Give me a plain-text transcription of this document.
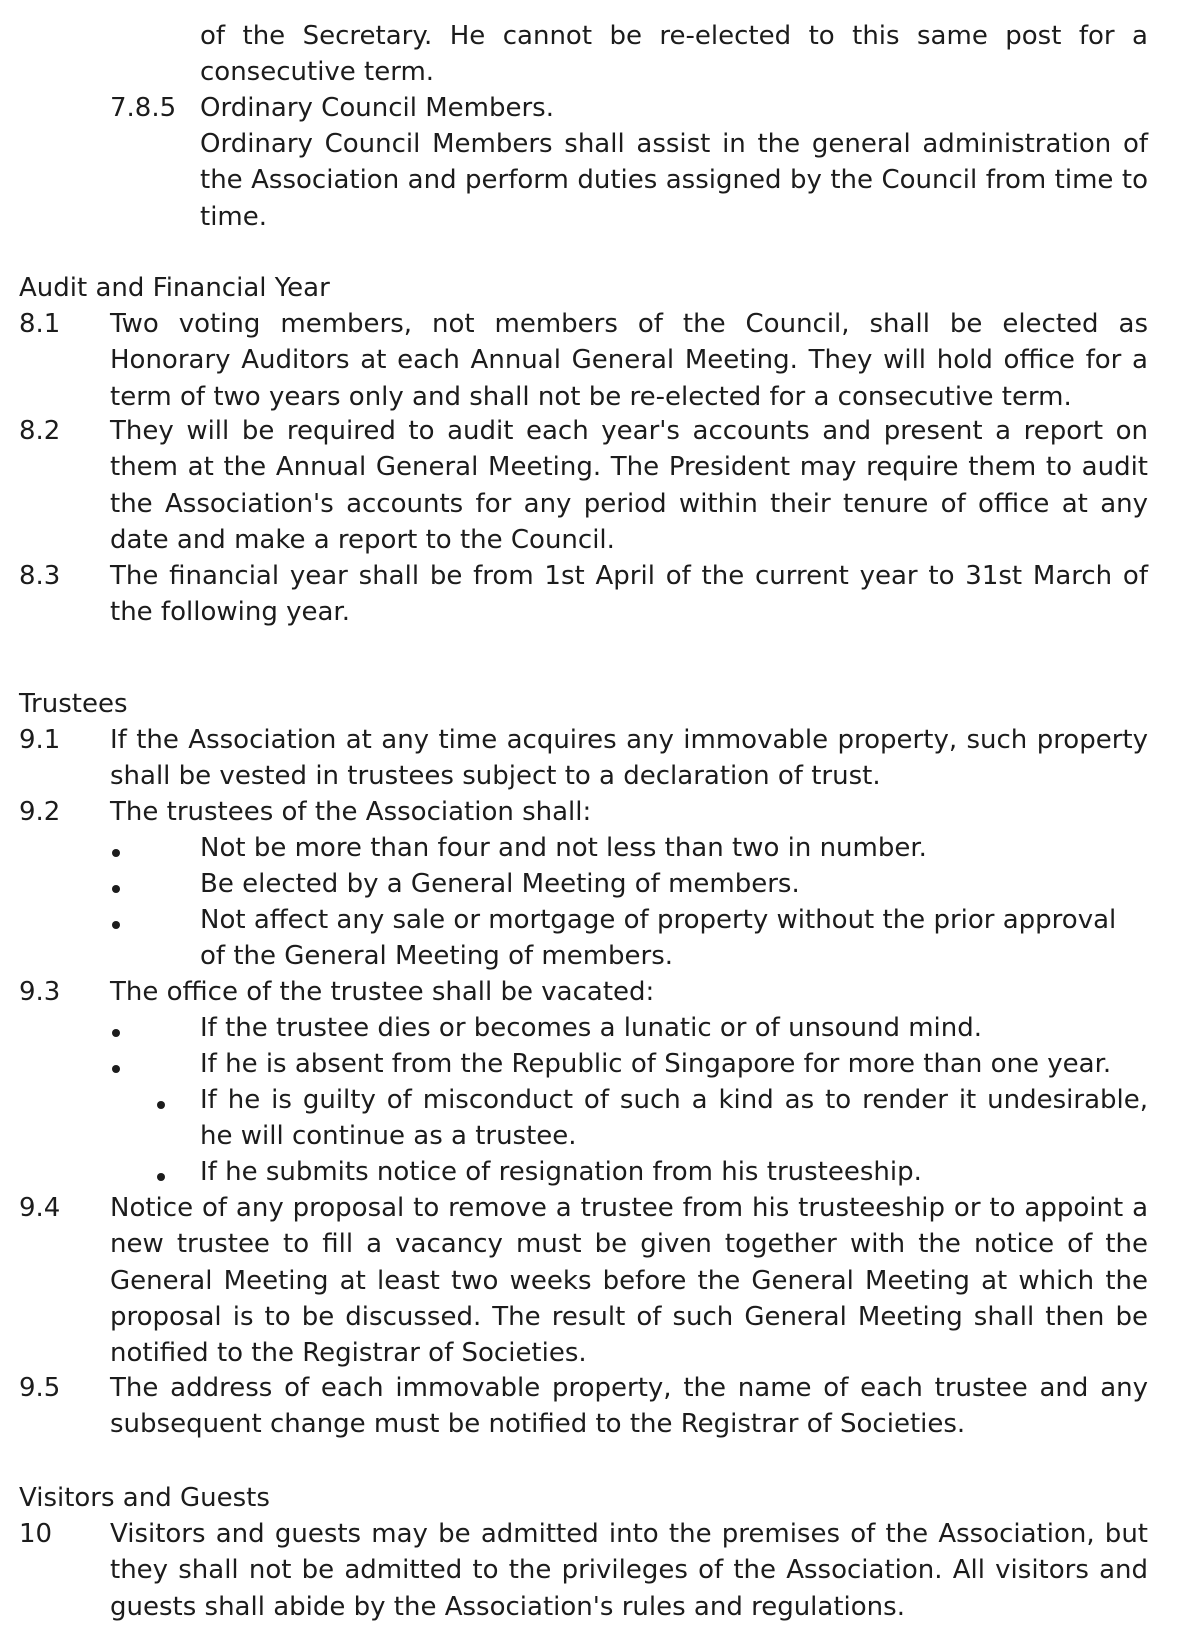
of the Secretary. He cannot be re-elected to this same post for a consecutive term.
7.8.5 Ordinary Council Members.
Ordinary Council Members shall assist in the general administration of the Association and perform duties assigned by the Council from time to time.
Audit and Financial Year
8.1 Two voting members, not members of the Council, shall be elected as Honorary Auditors at each Annual General Meeting. They will hold office for a term of two years only and shall not be re-elected for a consecutive term.
8.2 They will be required to audit each year's accounts and present a report on them at the Annual General Meeting. The President may require them to audit the Association's accounts for any period within their tenure of office at any date and make a report to the Council.
8.3 The financial year shall be from 1st April of the current year to 31st March of the following year.
Trustees
9.1 If the Association at any time acquires any immovable property, such property shall be vested in trustees subject to a declaration of trust.
9.2 The trustees of the Association shall:
Not be more than four and not less than two in number.
Be elected by a General Meeting of members.
Not affect any sale or mortgage of property without the prior approval of the General Meeting of members.
9.3 The office of the trustee shall be vacated:
If the trustee dies or becomes a lunatic or of unsound mind.
If he is absent from the Republic of Singapore for more than one year.
If he is guilty of misconduct of such a kind as to render it undesirable, he will continue as a trustee.
If he submits notice of resignation from his trusteeship.
9.4 Notice of any proposal to remove a trustee from his trusteeship or to appoint a new trustee to fill a vacancy must be given together with the notice of the General Meeting at least two weeks before the General Meeting at which the proposal is to be discussed. The result of such General Meeting shall then be notified to the Registrar of Societies.
9.5 The address of each immovable property, the name of each trustee and any subsequent change must be notified to the Registrar of Societies.
Visitors and Guests
10 Visitors and guests may be admitted into the premises of the Association, but they shall not be admitted to the privileges of the Association. All visitors and guests shall abide by the Association's rules and regulations.
